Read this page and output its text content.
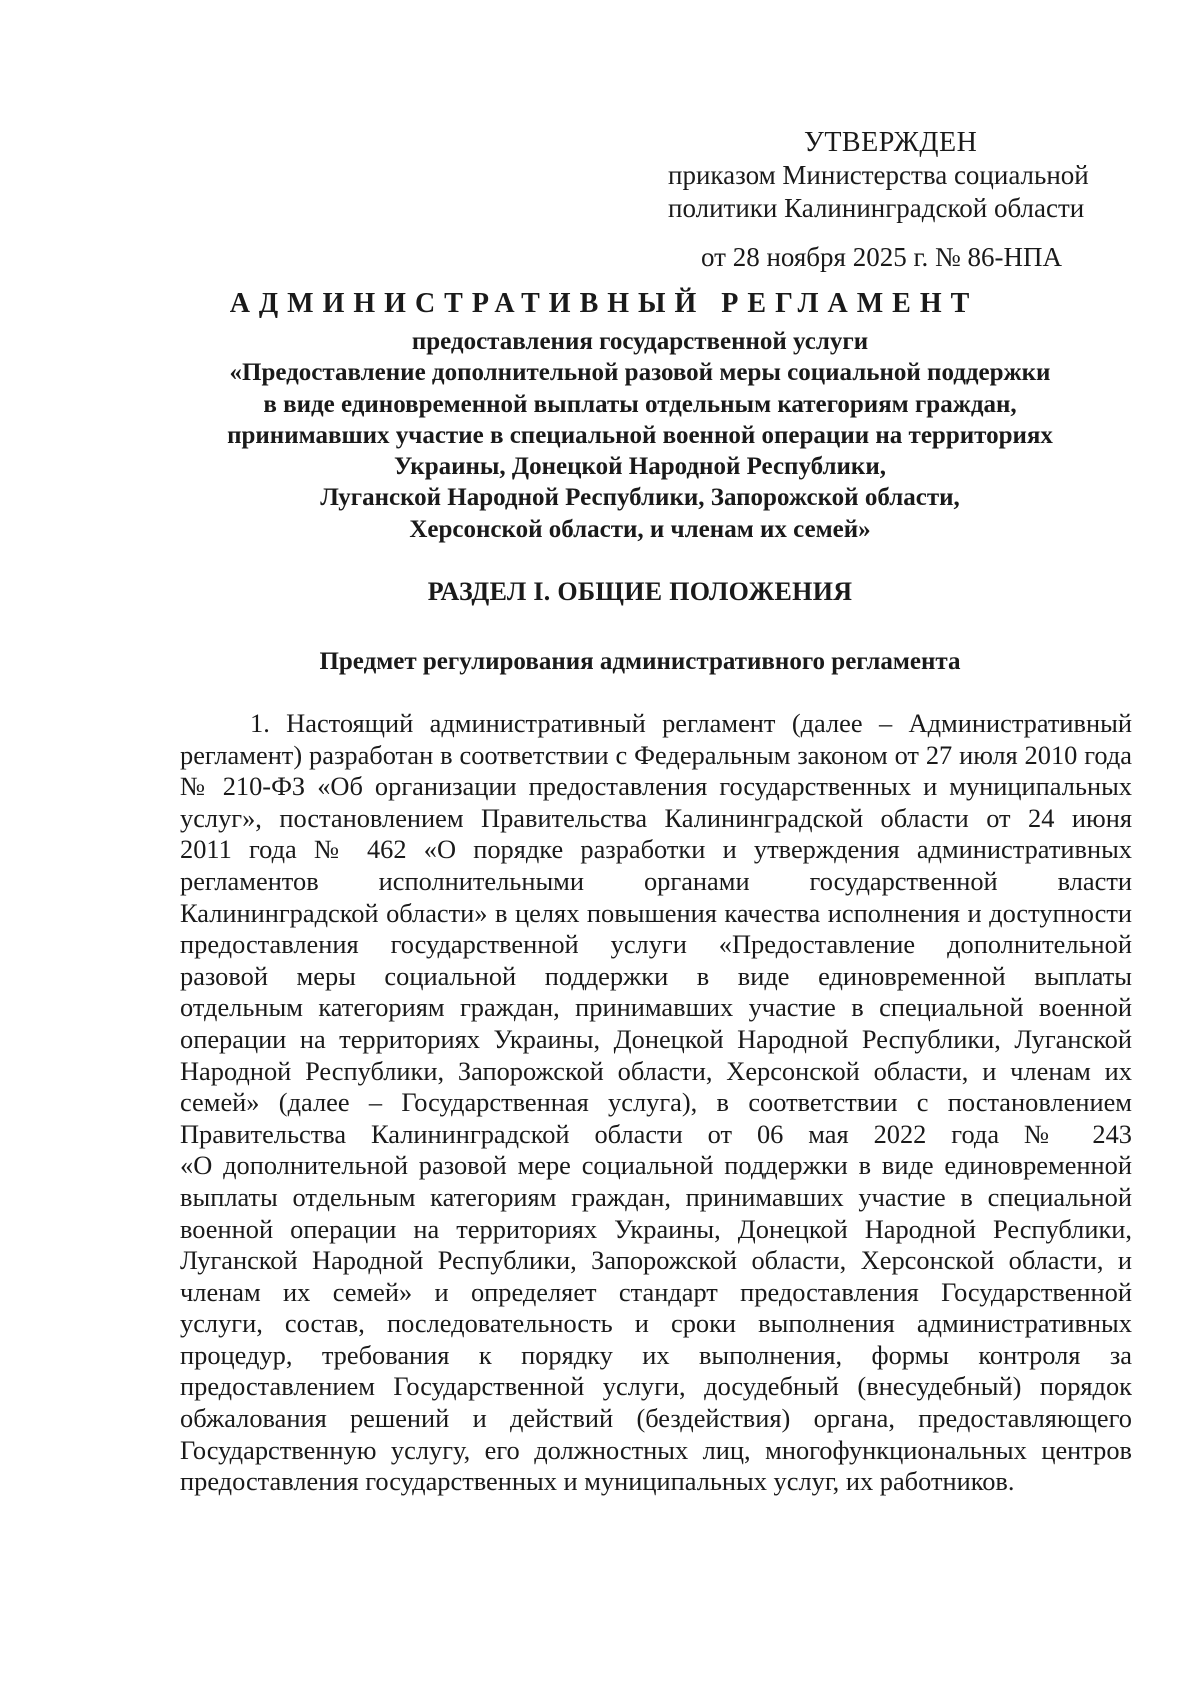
УТВЕРЖДЕН
приказом Министерства социальной
политики Калининградской области
от 28 ноября 2025 г. № 86-НПА
АДМИНИСТРАТИВНЫЙ РЕГЛАМЕНТ
предоставления государственной услуги
«Предоставление дополнительной разовой меры социальной поддержки
в виде единовременной выплаты отдельным категориям граждан,
принимавших участие в специальной военной операции на территориях
Украины, Донецкой Народной Республики,
Луганской Народной Республики, Запорожской области,
Херсонской области, и членам их семей»
РАЗДЕЛ I. ОБЩИЕ ПОЛОЖЕНИЯ
Предмет регулирования административного регламента
1. Настоящий административный регламент (далее – Административный
регламент) разработан в соответствии с Федеральным законом от 27 июля 2010 года
№ 210-ФЗ «Об организации предоставления государственных и муниципальных
услуг», постановлением Правительства Калининградской области от 24 июня
2011 года № 462 «О порядке разработки и утверждения административных
регламентов исполнительными органами государственной власти
Калининградской области» в целях повышения качества исполнения и доступности
предоставления государственной услуги «Предоставление дополнительной
разовой меры социальной поддержки в виде единовременной выплаты
отдельным категориям граждан, принимавших участие в специальной военной
операции на территориях Украины, Донецкой Народной Республики, Луганской
Народной Республики, Запорожской области, Херсонской области, и членам их
семей» (далее – Государственная услуга), в соответствии с постановлением
Правительства Калининградской области от 06 мая 2022 года № 243
«О дополнительной разовой мере социальной поддержки в виде единовременной
выплаты отдельным категориям граждан, принимавших участие в специальной
военной операции на территориях Украины, Донецкой Народной Республики,
Луганской Народной Республики, Запорожской области, Херсонской области, и
членам их семей» и определяет стандарт предоставления Государственной
услуги, состав, последовательность и сроки выполнения административных
процедур, требования к порядку их выполнения, формы контроля за
предоставлением Государственной услуги, досудебный (внесудебный) порядок
обжалования решений и действий (бездействия) органа, предоставляющего
Государственную услугу, его должностных лиц, многофункциональных центров
предоставления государственных и муниципальных услуг, их работников.
